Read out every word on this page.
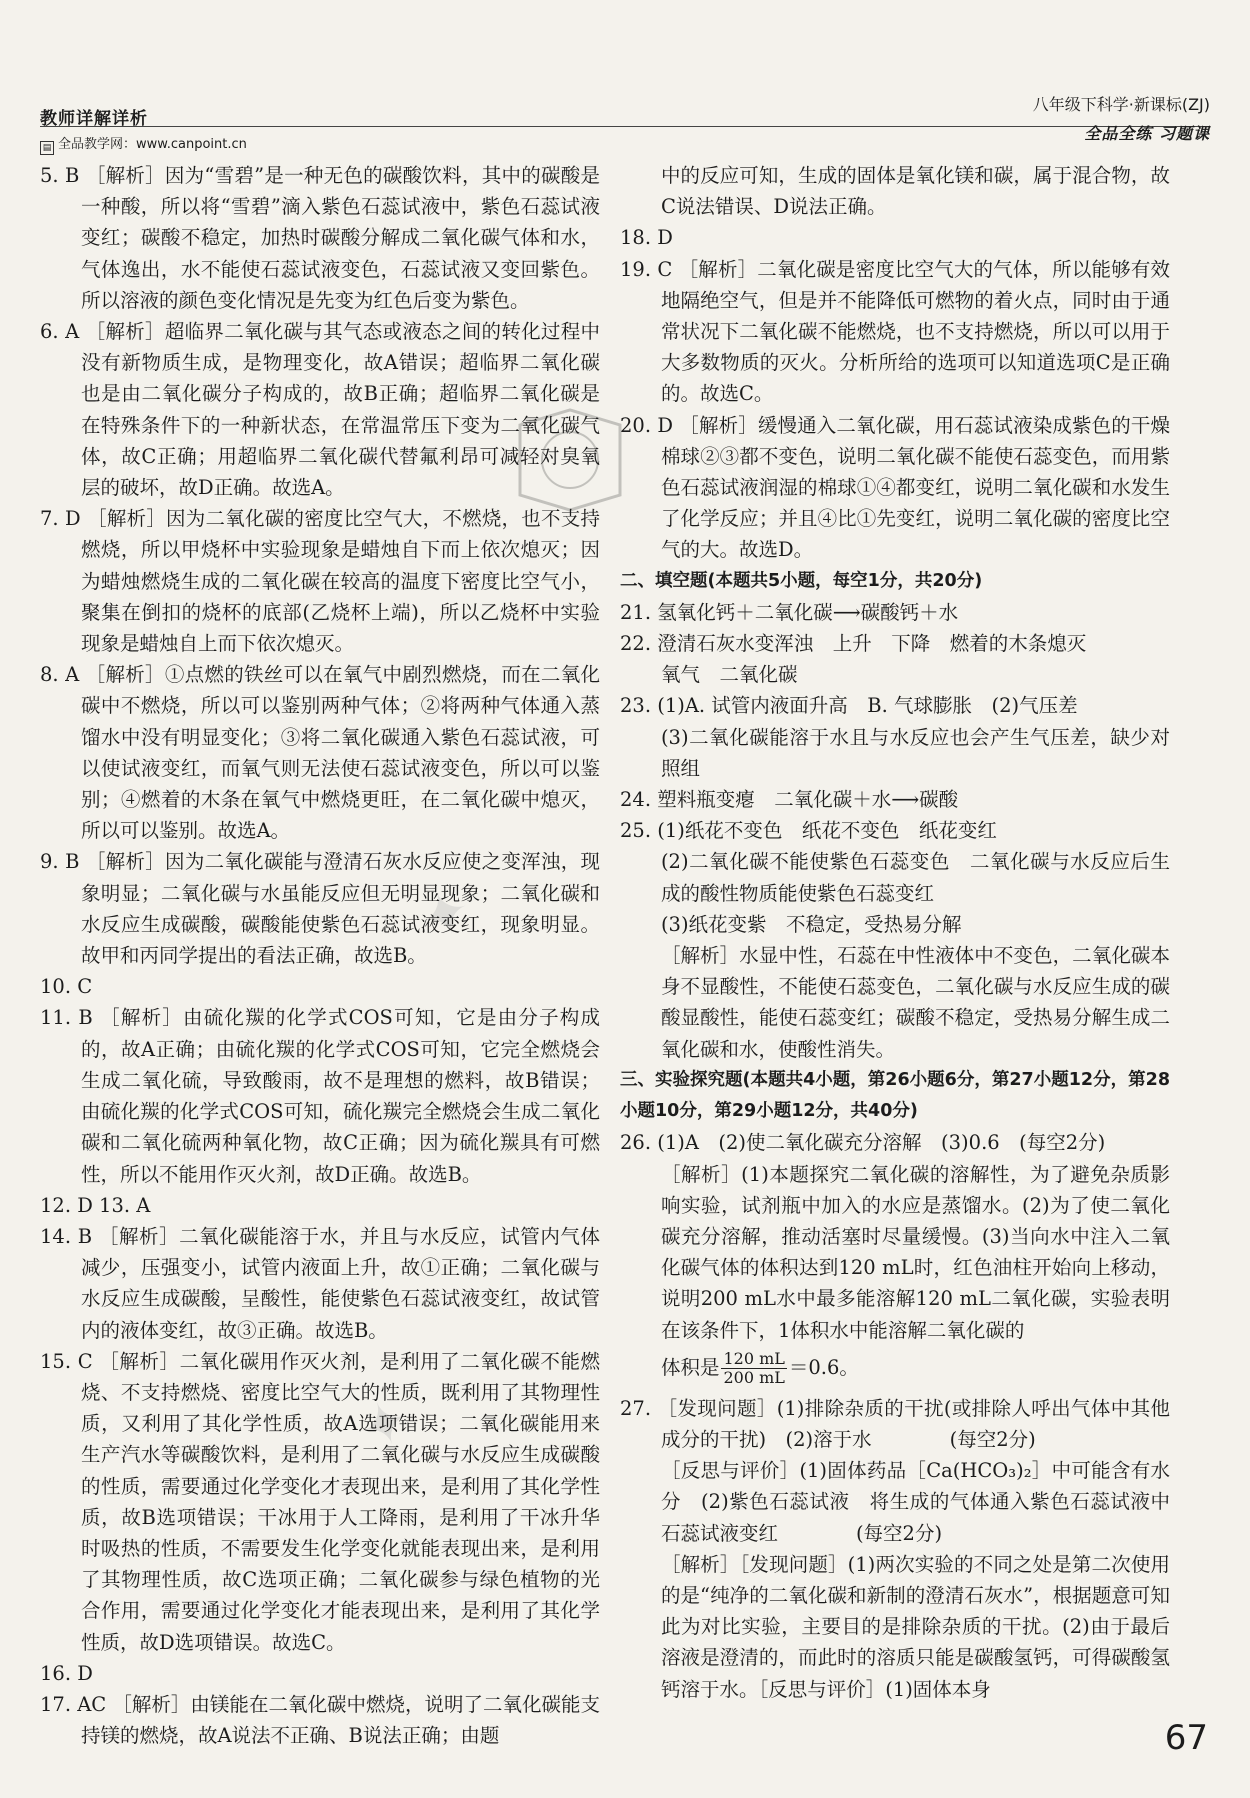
教师详解详析
▤ 全品教学网：www.canpoint.cn
八年级下科学·新课标(ZJ)
全品全练 习题课
✦
✦

5. B ［解析］因为“雪碧”是一种无色的碳酸饮料，其中的碳酸是一种酸，所以将“雪碧”滴入紫色石蕊试液中，紫色石蕊试液变红；碳酸不稳定，加热时碳酸分解成二氧化碳气体和水，气体逸出，水不能使石蕊试液变色，石蕊试液又变回紫色。所以溶液的颜色变化情况是先变为红色后变为紫色。

6. A ［解析］超临界二氧化碳与其气态或液态之间的转化过程中没有新物质生成，是物理变化，故A错误；超临界二氧化碳也是由二氧化碳分子构成的，故B正确；超临界二氧化碳是在特殊条件下的一种新状态，在常温常压下变为二氧化碳气体，故C正确；用超临界二氧化碳代替氟利昂可减轻对臭氧层的破坏，故D正确。故选A。

7. D ［解析］因为二氧化碳的密度比空气大，不燃烧，也不支持燃烧，所以甲烧杯中实验现象是蜡烛自下而上依次熄灭；因为蜡烛燃烧生成的二氧化碳在较高的温度下密度比空气小，聚集在倒扣的烧杯的底部(乙烧杯上端)，所以乙烧杯中实验现象是蜡烛自上而下依次熄灭。

8. A ［解析］①点燃的铁丝可以在氧气中剧烈燃烧，而在二氧化碳中不燃烧，所以可以鉴别两种气体；②将两种气体通入蒸馏水中没有明显变化；③将二氧化碳通入紫色石蕊试液，可以使试液变红，而氧气则无法使石蕊试液变色，所以可以鉴别；④燃着的木条在氧气中燃烧更旺，在二氧化碳中熄灭，所以可以鉴别。故选A。

9. B ［解析］因为二氧化碳能与澄清石灰水反应使之变浑浊，现象明显；二氧化碳与水虽能反应但无明显现象；二氧化碳和水反应生成碳酸，碳酸能使紫色石蕊试液变红，现象明显。故甲和丙同学提出的看法正确，故选B。

10. C

11. B ［解析］由硫化羰的化学式COS可知，它是由分子构成的，故A正确；由硫化羰的化学式COS可知，它完全燃烧会生成二氧化硫，导致酸雨，故不是理想的燃料，故B错误；由硫化羰的化学式COS可知，硫化羰完全燃烧会生成二氧化碳和二氧化硫两种氧化物，故C正确；因为硫化羰具有可燃性，所以不能用作灭火剂，故D正确。故选B。

12. D 13. A

14. B ［解析］二氧化碳能溶于水，并且与水反应，试管内气体减少，压强变小，试管内液面上升，故①正确；二氧化碳与水反应生成碳酸，呈酸性，能使紫色石蕊试液变红，故试管内的液体变红，故③正确。故选B。

15. C ［解析］二氧化碳用作灭火剂，是利用了二氧化碳不能燃烧、不支持燃烧、密度比空气大的性质，既利用了其物理性质，又利用了其化学性质，故A选项错误；二氧化碳能用来生产汽水等碳酸饮料，是利用了二氧化碳与水反应生成碳酸的性质，需要通过化学变化才表现出来，是利用了其化学性质，故B选项错误；干冰用于人工降雨，是利用了干冰升华时吸热的性质，不需要发生化学变化就能表现出来，是利用了其物理性质，故C选项正确；二氧化碳参与绿色植物的光合作用，需要通过化学变化才能表现出来，是利用了其化学性质，故D选项错误。故选C。

16. D

17. AC ［解析］由镁能在二氧化碳中燃烧，说明了二氧化碳能支持镁的燃烧，故A说法不正确、B说法正确；由题

中的反应可知，生成的固体是氧化镁和碳，属于混合物，故C说法错误、D说法正确。

18. D

19. C ［解析］二氧化碳是密度比空气大的气体，所以能够有效地隔绝空气，但是并不能降低可燃物的着火点，同时由于通常状况下二氧化碳不能燃烧，也不支持燃烧，所以可以用于大多数物质的灭火。分析所给的选项可以知道选项C是正确的。故选C。

20. D ［解析］缓慢通入二氧化碳，用石蕊试液染成紫色的干燥棉球②③都不变色，说明二氧化碳不能使石蕊变色，而用紫色石蕊试液润湿的棉球①④都变红，说明二氧化碳和水发生了化学反应；并且④比①先变红，说明二氧化碳的密度比空气的大。故选D。

二、填空题(本题共5小题，每空1分，共20分)

21. 氢氧化钙＋二氧化碳⟶碳酸钙＋水

22. 澄清石灰水变浑浊　上升　下降　燃着的木条熄灭

氧气　二氧化碳

23. (1)A. 试管内液面升高　B. 气球膨胀　(2)气压差

(3)二氧化碳能溶于水且与水反应也会产生气压差，缺少对照组

24. 塑料瓶变瘪　二氧化碳＋水⟶碳酸

25. (1)纸花不变色　纸花不变色　纸花变红

(2)二氧化碳不能使紫色石蕊变色　二氧化碳与水反应后生成的酸性物质能使紫色石蕊变红

(3)纸花变紫　不稳定，受热易分解

［解析］水显中性，石蕊在中性液体中不变色，二氧化碳本身不显酸性，不能使石蕊变色，二氧化碳与水反应生成的碳酸显酸性，能使石蕊变红；碳酸不稳定，受热易分解生成二氧化碳和水，使酸性消失。

三、实验探究题(本题共4小题，第26小题6分，第27小题12分，第28小题10分，第29小题12分，共40分)

26. (1)A　(2)使二氧化碳充分溶解　(3)0.6　(每空2分)

［解析］(1)本题探究二氧化碳的溶解性，为了避免杂质影响实验，试剂瓶中加入的水应是蒸馏水。(2)为了使二氧化碳充分溶解，推动活塞时尽量缓慢。(3)当向水中注入二氧化碳气体的体积达到120 mL时，红色油柱开始向上移动，说明200 mL水中最多能溶解120 mL二氧化碳，实验表明在该条件下，1体积水中能溶解二氧化碳的

体积是 $\frac{120 mL}{200 mL} =0.6$。

27. ［发现问题］(1)排除杂质的干扰(或排除人呼出气体中其他成分的干扰)　(2)溶于水　　　　(每空2分)

［反思与评价］(1)固体药品［Ca(HCO₃)₂］中可能含有水分　(2)紫色石蕊试液　将生成的气体通入紫色石蕊试液中　石蕊试液变红　　　　(每空2分)

［解析］［发现问题］(1)两次实验的不同之处是第二次使用的是“纯净的二氧化碳和新制的澄清石灰水”，根据题意可知此为对比实验，主要目的是排除杂质的干扰。(2)由于最后溶液是澄清的，而此时的溶质只能是碳酸氢钙，可得碳酸氢钙溶于水。［反思与评价］(1)固体本身

67
